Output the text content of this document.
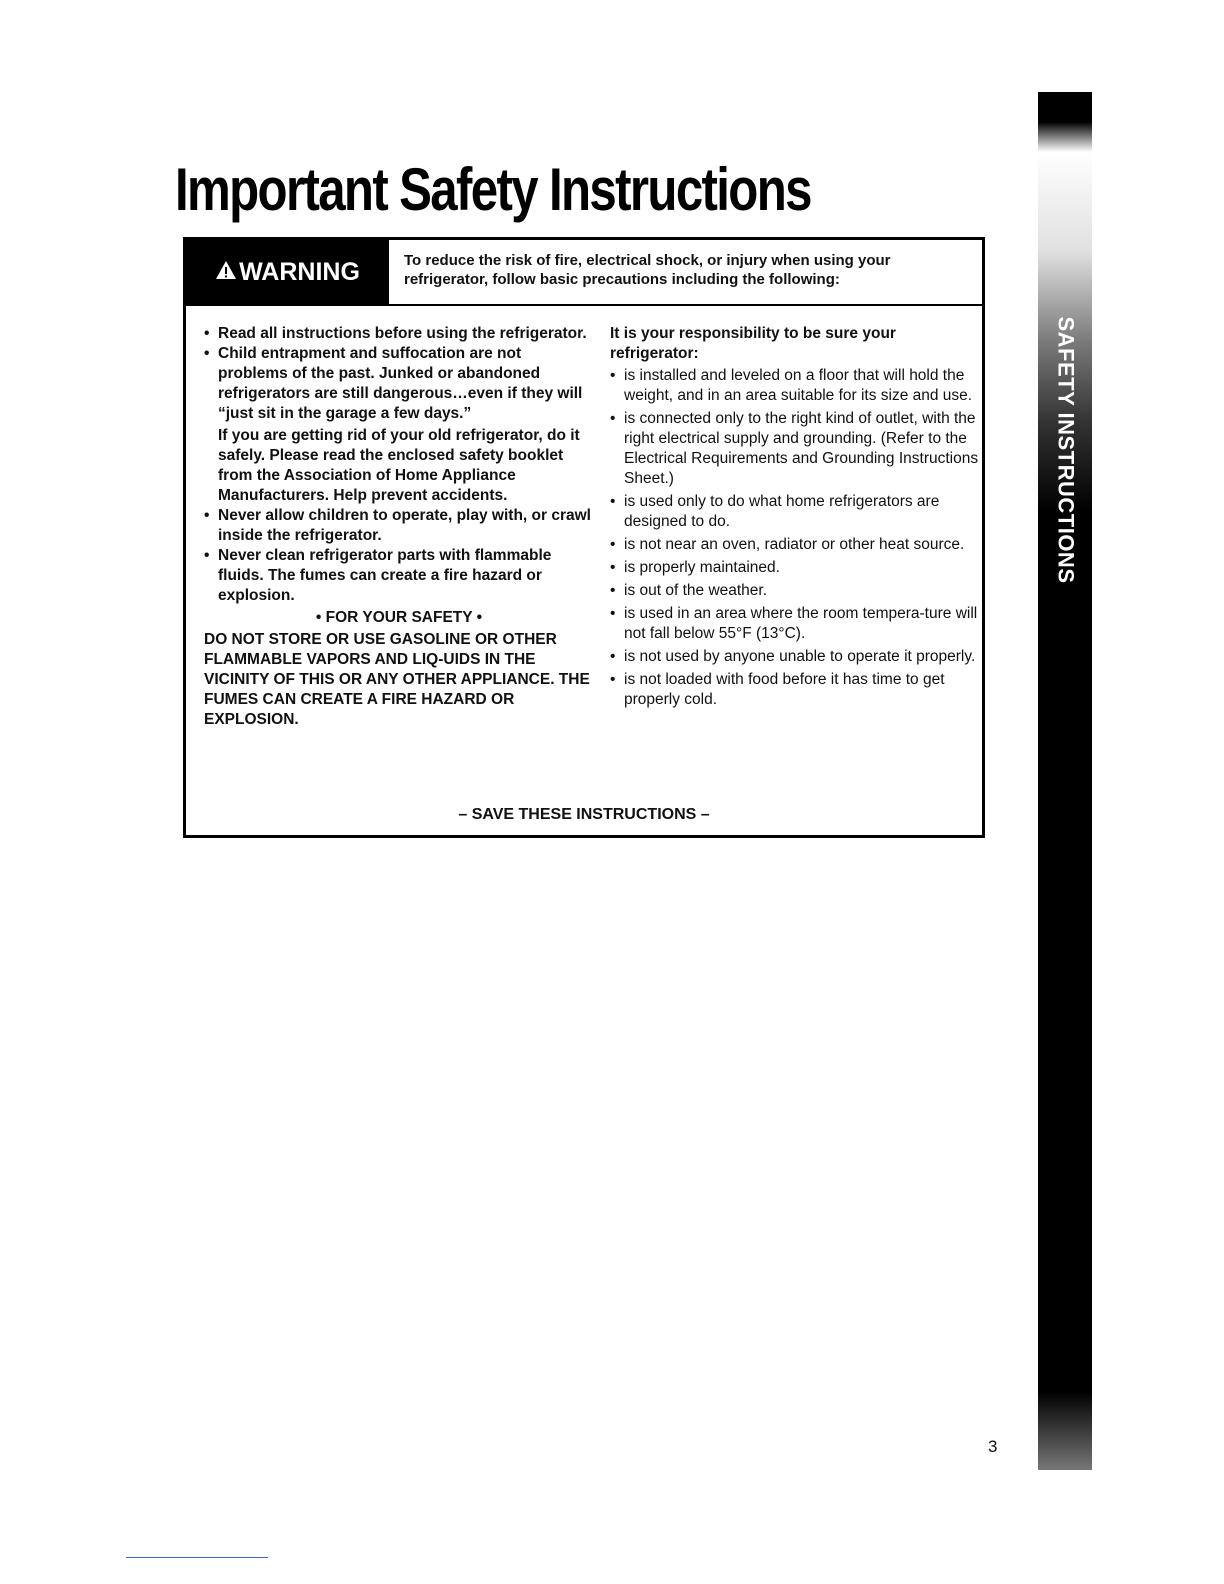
Important Safety Instructions
WARNING	To reduce the risk of fire, electrical shock, or injury when using your refrigerator, follow basic precautions including the following:
• Read all instructions before using the refrigerator.
• Child entrapment and suffocation are not problems of the past. Junked or abandoned refrigerators are still dangerous…even if they will “just sit in the garage a few days.”
If you are getting rid of your old refrigerator, do it safely. Please read the enclosed safety booklet from the Association of Home Appliance Manufacturers. Help prevent accidents.
• Never allow children to operate, play with, or crawl inside the refrigerator.
• Never clean refrigerator parts with flammable fluids. The fumes can create a fire hazard or explosion.

• FOR YOUR SAFETY •

DO NOT STORE OR USE GASOLINE OR OTHER FLAMMABLE VAPORS AND LIQ-UIDS IN THE VICINITY OF THIS OR ANY OTHER APPLIANCE. THE FUMES CAN CREATE A FIRE HAZARD OR EXPLOSION.

It is your responsibility to be sure your refrigerator:

• is installed and leveled on a floor that will hold the weight, and in an area suitable for its size and use.
• is connected only to the right kind of outlet, with the right electrical supply and grounding. (Refer to the Electrical Requirements and Grounding Instructions Sheet.)
• is used only to do what home refrigerators are designed to do.
• is not near an oven, radiator or other heat source.
• is properly maintained.
• is out of the weather.
• is used in an area where the room tempera-ture will not fall below 55°F (13°C).
• is not used by anyone unable to operate it properly.
• is not loaded with food before it has time to get properly cold.
– SAVE THESE INSTRUCTIONS –
SAFETY INSTRUCTIONS
3
